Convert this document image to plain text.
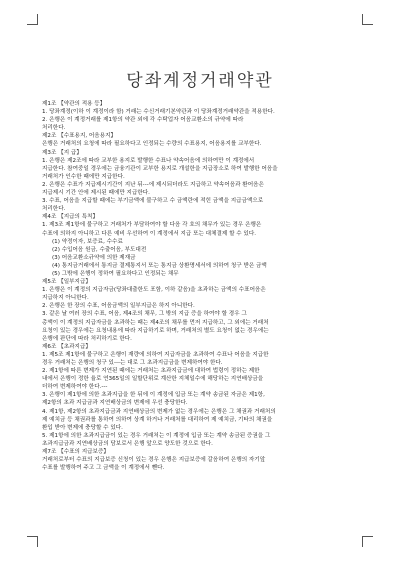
당좌계정거래약관
제1조 【약관의 적용 등】
1. 당좌계정(이하 이 계정이라 함) 거래는 수신거래기본약관과 이 당좌계정거래약관을 적용한다.
2. 은행은 이 계정거래를 제1항의 약관 외에 각 수탁업자 어음교환소의 규약에 따라
처리한다.
제2조 【수표용지, 어음용지】
은행은 거래처의 요청에 따라 필요하다고 인정되는 수량의 수표용지, 어음용지를 교부한다.
제3조 【지 급】
1. 은행은 제2조에 따라 교부한 용지로 발행한 수표나 약속어음에 의하여만 이 계정에서
지급한다. 참여중일 경우에는 금융기관이 교부한 용지로 개설한을 지급장소로 하여 발행한 어음을
거래처가 인수한 때에만 지급한다.
2. 은행은 수표가 지급제시기간이 지난 뒤---에 제시되더라도 지급하고 약속어음과 환어음은
지급제시 기간 안에 제시된 때에만 지급한다.
3. 수표, 어음을 지급할 때에는 부기금액에 불구하고 수 금액란에 적힌 금액을 지급금액으로
처리한다.
제4조 【지급의 특칙】
1. 제3조 제1항에 불구하고 거래처가 부담하여야 할 다음 각 호의 채무가 있는 경우 은행은
수표에 의하지 아니하고 다른 예비 우선하여 이 계정에서 지급 또는 대체결제 할 수 있다.
(1) 약정이자, 보증료, 수수료
(2) 수입어음 원금, 수출어음, 부도대전
(3) 어음교환소규약에 의한 제재금
(4) 통지금거래에서 통지금 결제통지서 또는 통지금 상환명세서에 의하여 청구 받은 금액
(5) 그밖에 은행이 정하여 필요하다고 인정되는 채무
제5조 【일부지급】
1. 은행은 이 계정의 지급자금(당좌대출한도 포함, 이하 같음)을 초과하는 금액의 수표어음은
지급하지 아니한다.
2. 은행은 한 장의 수표, 어음금액의 일부지급은 하지 아니한다.
3. 같은 날 여러 장의 수표, 어음, 제4조의 채무, 그 밖의 지급 증을 하여야 할 경우 그
총액이 이 계정의 지급자금을 초과하는 때는 제4조의 채무를 먼저 지급하고, 그 외에는 거래처
요청이 있는 경우에는 요청내용에 따라 지급하기로 하며, 거래처의 별도 요청이 없는 경우에는
은행에 판단에 따라 처리하기로 한다.
제6조 【초과지급】
1. 제5조 제1항에 불구하고 은행이 재량에 의하여 지급자금을 초과하여 수표나 어음을 지급한
경우 거래처는 은행의 청구 있---는 대로 그 초과지급금을 변제하여야 한다.
2. 제1항에 따른 변제가 지연된 때에는 거래처는 초과지급금에 대하여 법령이 정하는 제한
내에서 은행이 정한 율로 연365일의 일할단위로 계산한 지체일수에 해당하는 지연배상금을
더하여 변제하여야 한다.---
3. 은행이 제1항에 의한 초과지급을 한 뒤에 이 계정에 입금 또는 계약 송금된 자금은 제1항,
제2항의 초과 지급금과 지연배상금의 변제에 우선 충당한다.
4. 제1항, 제2항의 초과지급금과 지연배상금의 변제가 없는 경우에는 은행은 그 채권과 거래처의
제 예치금 등 채권과를 통하여 의하여 상계 하거나 거래처를 대리하여 제 예치금, 기타의 채권을
환입 받아 변제에 충당할 수 있다.
5. 제1항에 의한 초과지급금이 있는 경우 거래처는 이 계정에 입금 또는 계약 송금된 증권을 그
초과지급금과 지연배상금의 담보로서 은행 앞으로 양도한 것으로 한다.
제7조 【수표의 지급보증】
거래처로부터 수표의 지급보증 신청이 있는 경우 은행은 지급보증에 갈음하여 은행의 자기앞
수표를 발행하여 주고 그 금액을 이 계정에서 뺀다.
